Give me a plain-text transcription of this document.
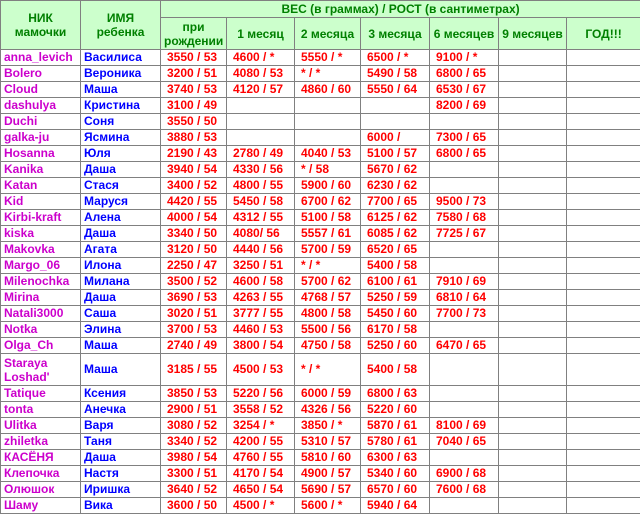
НИК мамочки	ИМЯ ребенка	ВЕС (в граммах) / РОСТ (в сантиметрах)						
		при рождении	1 месяц	2 месяца	3 месяца	6 месяцев	9 месяцев	ГОД!!!
anna_levich	Василиса	3550 / 53	4600 / *	5550 / *	6500 / *	9100 / *		
Bolero	Вероника	3200 / 51	4080 / 53	* / *	5490 / 58	6800 / 65		
Cloud	Маша	3740 / 53	4120 / 57	4860 / 60	5550 / 64	6530 / 67		
dashulya	Кристина	3100 / 49				8200 / 69		
Duchi	Соня	3550 / 50						
galka-ju	Ясмина	3880 / 53			6000 /	7300 / 65		
Hosanna	Юля	2190 / 43	2780 / 49	4040 / 53	5100 / 57	6800 / 65		
Kanika	Даша	3940 / 54	4330 / 56	* / 58	5670 / 62			
Katan	Стася	3400 / 52	4800 / 55	5900 / 60	6230 / 62			
Kid	Маруся	4420 / 55	5450 / 58	6700 / 62	7700 / 65	9500 / 73		
Kirbi-kraft	Алена	4000 / 54	4312 / 55	5100 / 58	6125 / 62	7580 / 68		
kiska	Даша	3340 / 50	4080/ 56	5557 / 61	6085 / 62	7725 / 67		
Makovka	Агата	3120 / 50	4440 / 56	5700 / 59	6520 / 65			
Margo_06	Илона	2250 / 47	3250 / 51	* / *	5400 / 58			
Milenochka	Милана	3500 / 52	4600 / 58	5700 / 62	6100 / 61	7910 / 69		
Mirina	Даша	3690 / 53	4263 / 55	4768 / 57	5250 / 59	6810 / 64		
Natali3000	Саша	3020 / 51	3777 / 55	4800 / 58	5450 / 60	7700 / 73		
Notka	Элина	3700 / 53	4460 / 53	5500 / 56	6170 / 58			
Olga_Ch	Маша	2740 / 49	3800 / 54	4750 / 58	5250 / 60	6470 / 65		
Staraya Loshad'	Маша	3185 / 55	4500 / 53	* / *	5400 / 58			
Tatique	Ксения	3850 / 53	5220 / 56	6000 / 59	6800 / 63			
tonta	Анечка	2900 / 51	3558 / 52	4326 / 56	5220 / 60			
Ulitka	Варя	3080 / 52	3254 / *	3850 / *	5870 / 61	8100 / 69		
zhiletka	Таня	3340 / 52	4200 / 55	5310 / 57	5780 / 61	7040 / 65		
КАСЁНЯ	Даша	3980 / 54	4760 / 55	5810 / 60	6300 / 63			
Клепочка	Настя	3300 / 51	4170 / 54	4900 / 57	5340 / 60	6900 / 68		
Олюшок	Иришка	3640 / 52	4650 / 54	5690 / 57	6570 / 60	7600 / 68		
Шаму	Вика	3600 / 50	4500 / *	5600 / *	5940 / 64			
